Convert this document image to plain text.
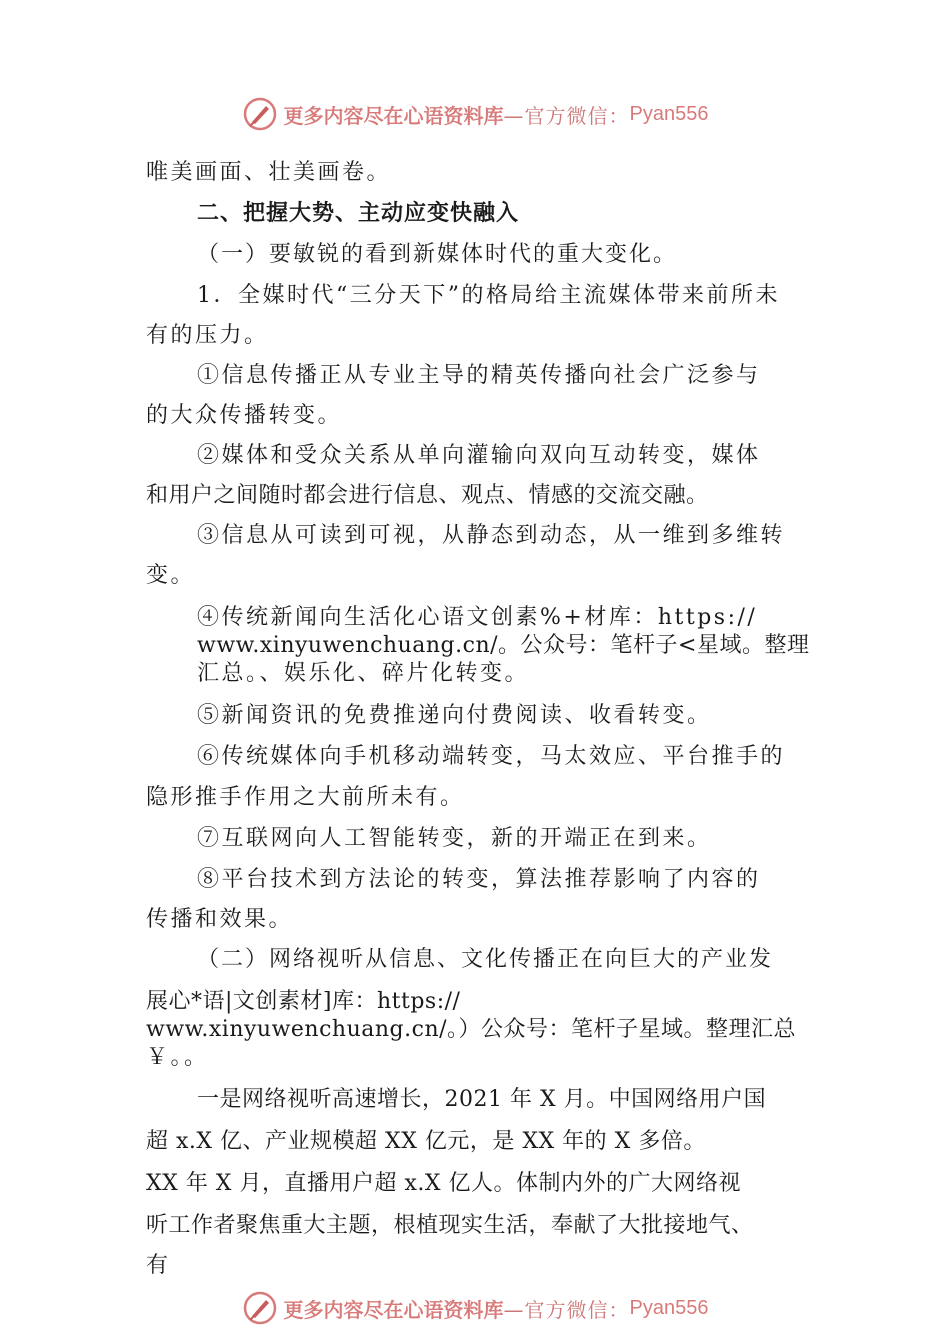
更多内容尽在心语资料库 —官方微信： Pyan556
唯美画面、壮美画卷。
二、把握大势、主动应变快融入
（一）要敏锐的看到新媒体时代的重大变化。
1．全媒时代“三分天下”的格局给主流媒体带来前所未
有的压力。
①信息传播正从专业主导的精英传播向社会广泛参与
的大众传播转变。
②媒体和受众关系从单向灌输向双向互动转变，媒体
和用户之间随时都会进行信息、观点、情感的交流交融。
③信息从可读到可视，从静态到动态，从一维到多维转
变。
④传统新闻向生活化心语文创素%+材库：https://
www.xinyuwenchuang.cn/。公众号：笔杆子<星域。整理
汇总。、娱乐化、碎片化转变。
⑤新闻资讯的免费推递向付费阅读、收看转变。
⑥传统媒体向手机移动端转变，马太效应、平台推手的
隐形推手作用之大前所未有。
⑦互联网向人工智能转变，新的开端正在到来。
⑧平台技术到方法论的转变，算法推荐影响了内容的
传播和效果。
（二）网络视听从信息、文化传播正在向巨大的产业发
展心*语|文创素材]库：https://
www.xinyuwenchuang.cn/。）公众号：笔杆子星域。整理汇总
￥。。
一是网络视听高速增长，2021 年 X 月。中国网络用户国
超 x.X 亿、产业规模超 XX 亿元，是 XX 年的 X 多倍。
XX 年 X 月，直播用户超 x.X 亿人。体制内外的广大网络视
听工作者聚焦重大主题，根植现实生活，奉献了大批接地气、
有
更多内容尽在心语资料库 —官方微信： Pyan556
